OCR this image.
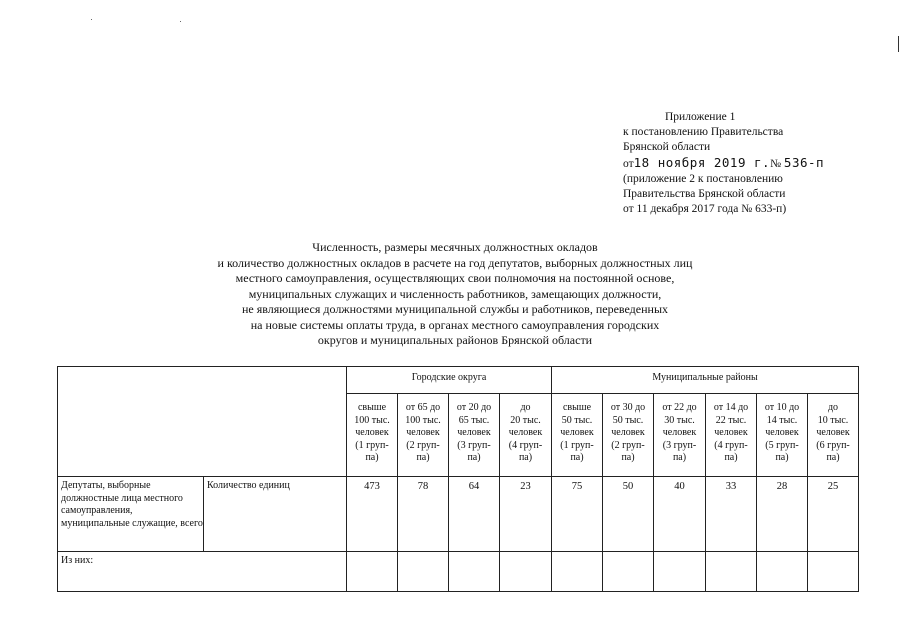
Приложение 1
к постановлению Правительства
Брянской области
от18 ноября 2019 г.№ 536-п
(приложение 2 к постановлению
Правительства Брянской области
от 11 декабря 2017 года № 633-п)
Численность, размеры месячных должностных окладов
и количество должностных окладов в расчете на год депутатов, выборных должностных лиц
местного самоуправления, осуществляющих свои полномочия на постоянной основе,
муниципальных служащих и численность работников, замещающих должности,
не являющиеся должностями муниципальной службы и работников, переведенных
на новые системы оплаты труда, в органах местного самоуправления городских
округов и муниципальных районов Брянской области
		Городские округа				Муниципальные районы					

		свыше
100 тыс.
человек
(1 груп-
па)	от 65 до
100 тыс.
человек
(2 груп-
па)	от 20 до
65 тыс.
человек
(3 груп-
па)	до
20 тыс.
человек
(4 груп-
па)	свыше
50 тыс.
человек
(1 груп-
па)	от 30 до
50 тыс.
человек
(2 груп-
па)	от 22 до
30 тыс.
человек
(3 груп-
па)	от 14 до
22 тыс.
человек
(4 груп-
па)	от 10 до
14 тыс.
человек
(5 груп-
па)	до
10 тыс.
человек
(6 груп-
па)

Депутаты, выборные должностные лица местного самоуправления, муниципальные служащие, всего	Количество единиц	473	78	64	23	75	50	40	33	28	25
Из них:											
